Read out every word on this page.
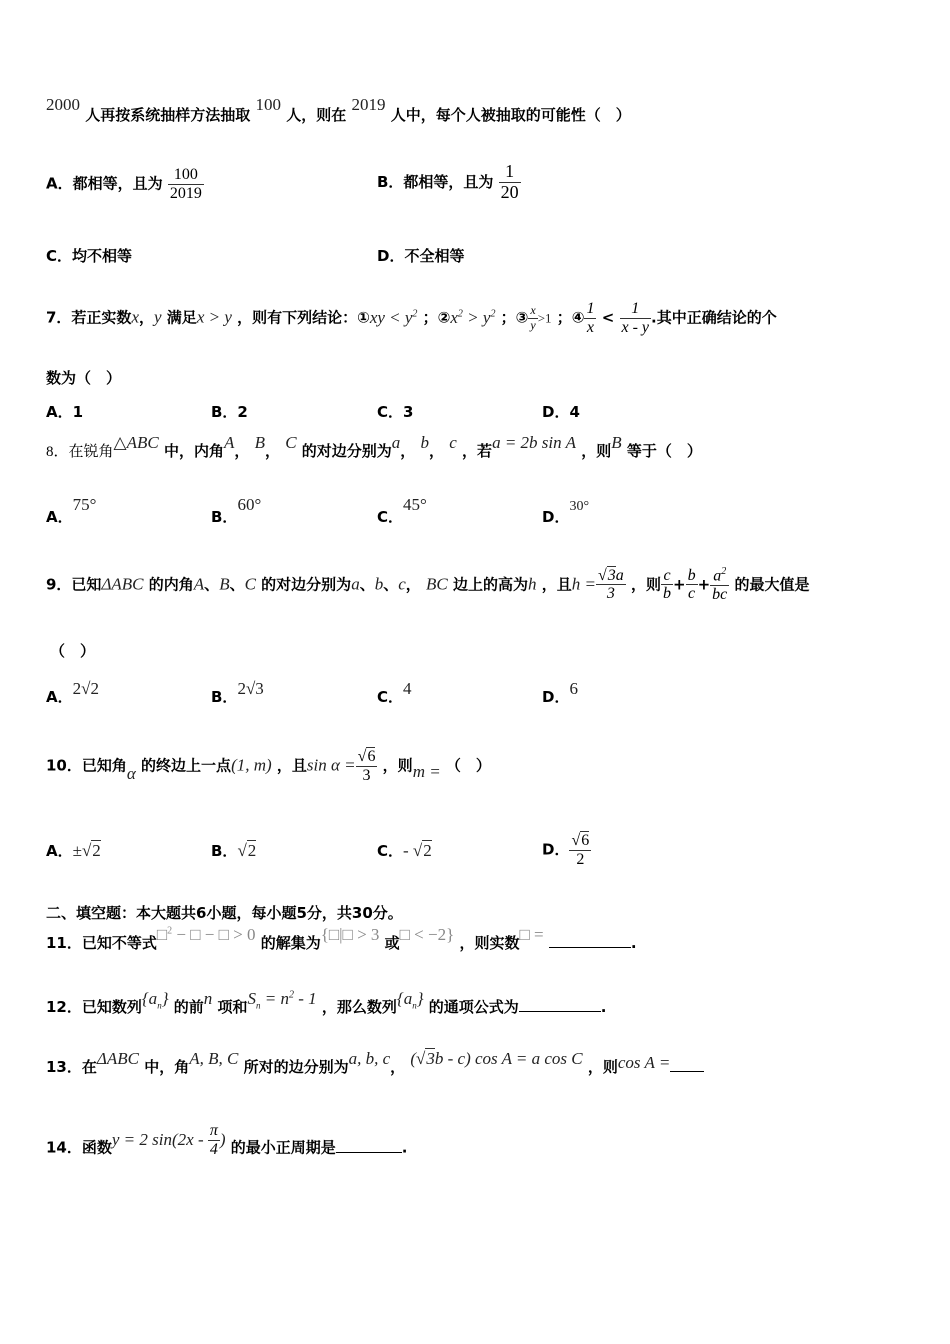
2000 人再按系统抽样方法抽取 100 人，则在 2019 人中，每个人被抽取的可能性（　）
A．都相等，且为 $\frac{100}{2019}$	B．都相等，且为 $\frac{1}{20}$
C．均不相等	D．不全相等
7．若正实数x，y 满足x > y ，则有下列结论：①xy < $y^2$ ；$②x^2 > y^2$ ；③ $\frac{x}{y} >1$ ；④ $\frac{1}{x} < \frac{1}{x - y}$ .其中正确结论的个
数为（　）
A．1	B．2	C．3	D．4
8．在锐角△ABC 中，内角A， B， C 的对边分别为a， b， c ，若a = 2b sin A ，则B 等于（　）
A．75°
B．60°
C．45°
D．30°
9．已知ΔABC 的内角A、B、C 的对边分别为a、b、c， BC 边上的高为h ，且$h = \frac{√3a}{3}$ ，则 $\frac{c}{b} + \frac{b}{c} + \frac{a^2}{bc}$ 的最大值是
（　）
A．2√2	B．2√3	C．4	D．6
10．已知角α 的终边上一点(1, m) ，且$\sin \alpha = \frac{√6}{3}$ ，则m = （　）
A．±√2	B．√2	C．- √2	D． $\frac{√6}{2}$
二、填空题：本大题共6小题，每小题5分，共30分。
11．已知不等式□$^2$ − □ − □ > 0 的解集为{□|□ > 3 或□ < −2} ，则实数□ =	.
12．已知数列$\{a_n\}$ 的前n 项和$S_n = n^2 - 1$ ，那么数列$\{a_n\}$ 的通项公式为	.
13．在ΔABC 中，角A, B, C 所对的边分别为a, b, c， (√3b - c) cos A = a cos C ，则cos A =
14．函数y = 2 $\sin(2x - \frac{\pi}{4}$ ) 的最小正周期是	.
